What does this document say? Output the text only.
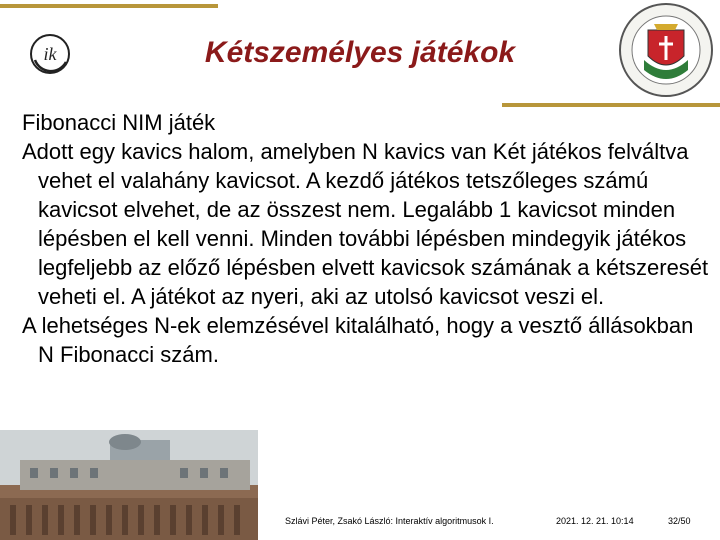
ik	Kétszemélyes játékok

Fibonacci NIM játék

Adott egy kavics halom, amelyben N kavics van Két játékos felváltva vehet el valahány kavicsot. A kezdő játékos tetszőleges számú kavicsot elvehet, de az összest nem. Legalább 1 kavicsot minden lépésben el kell venni. Minden további lépésben mindegyik játékos legfeljebb az előző lépésben elvett kavicsok számának a kétszeresét veheti el. A játékot az nyeri, aki az utolsó kavicsot veszi el.

A lehetséges N-ek elemzésével kitalálható, hogy a vesztő állásokban N Fibonacci szám.

Szlávi Péter, Zsakó László: Interaktív algoritmusok I.	2021. 12. 21. 10:14	32/50
